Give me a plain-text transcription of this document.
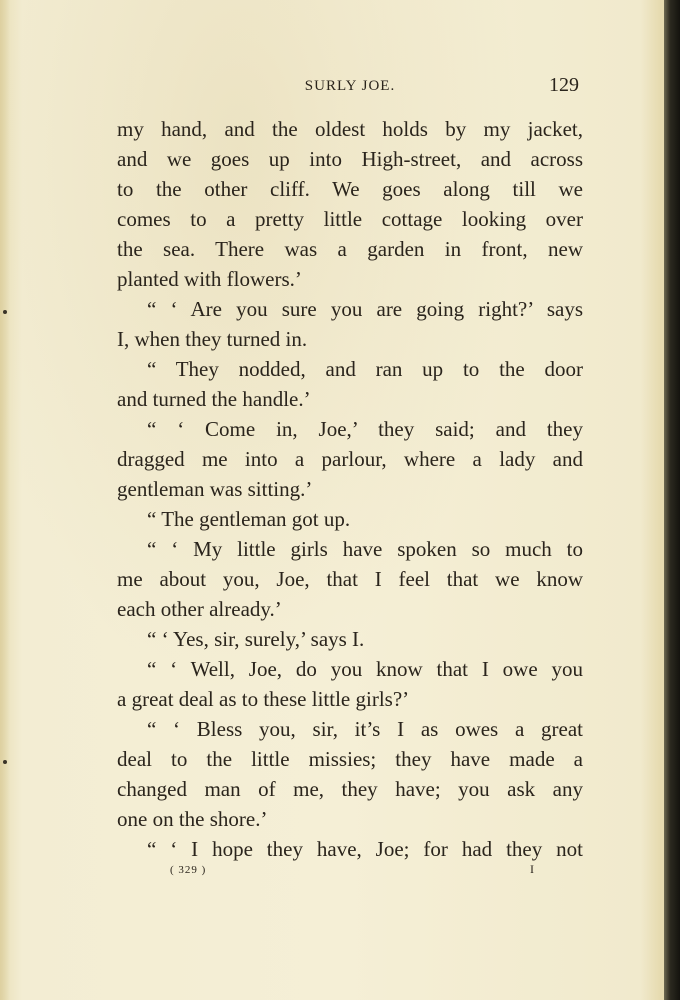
SURLY JOE.	129
my hand, and the oldest holds by my jacket,
and we goes up into High-street, and across
to the other cliff. We goes along till we
comes to a pretty little cottage looking over
the sea. There was a garden in front, new
planted with flowers.’
“ ‘ Are you sure you are going right?’ says
I, when they turned in.
“ They nodded, and ran up to the door
and turned the handle.’
“ ‘ Come in, Joe,’ they said; and they
dragged me into a parlour, where a lady and
gentleman was sitting.’
“ The gentleman got up.
“ ‘ My little girls have spoken so much to
me about you, Joe, that I feel that we know
each other already.’
“ ‘ Yes, sir, surely,’ says I.
“ ‘ Well, Joe, do you know that I owe you
a great deal as to these little girls?’
“ ‘ Bless you, sir, it’s I as owes a great
deal to the little missies; they have made a
changed man of me, they have; you ask any
one on the shore.’
“ ‘ I hope they have, Joe; for had they not
( 329 )	I
